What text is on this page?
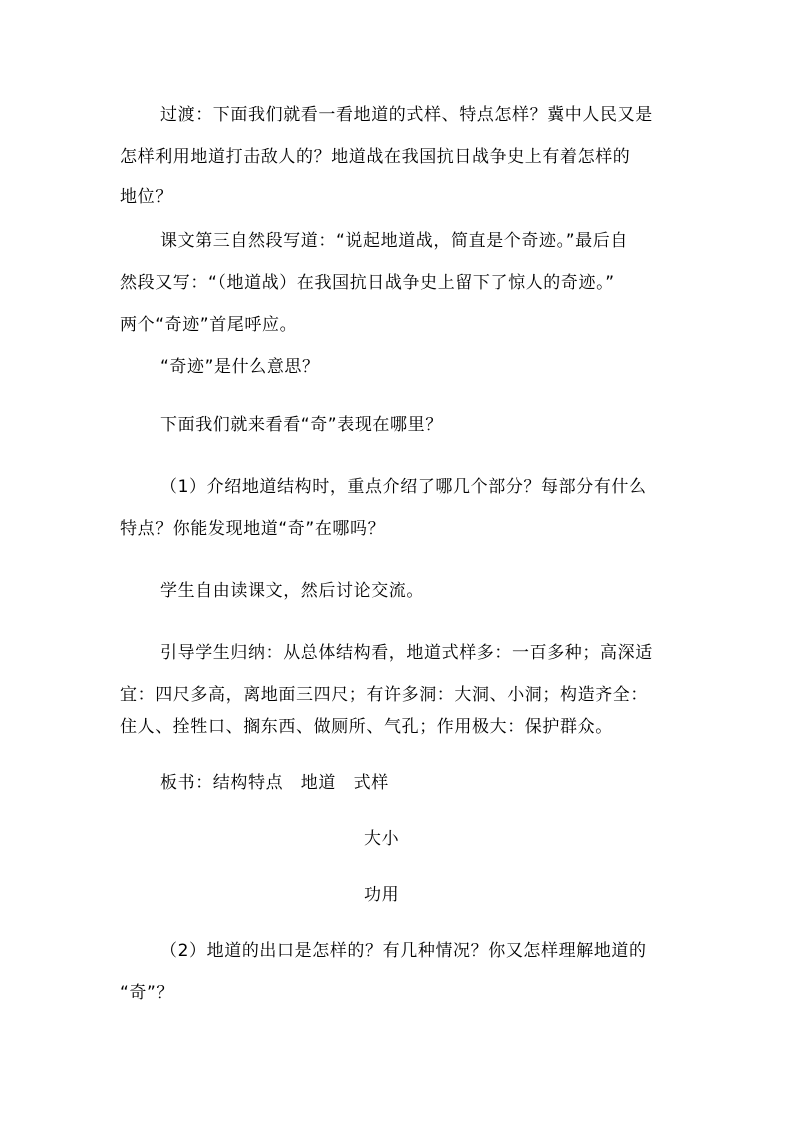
过渡：下面我们就看一看地道的式样、特点怎样？冀中人民又是
怎样利用地道打击敌人的？地道战在我国抗日战争史上有着怎样的
地位？
课文第三自然段写道：“说起地道战，简直是个奇迹。”最后自
然段又写：“（地道战）在我国抗日战争史上留下了惊人的奇迹。”
两个“奇迹”首尾呼应。
“奇迹”是什么意思？
下面我们就来看看“奇”表现在哪里？
（1）介绍地道结构时，重点介绍了哪几个部分？每部分有什么
特点？你能发现地道“奇”在哪吗？
学生自由读课文，然后讨论交流。
引导学生归纳：从总体结构看，地道式样多：一百多种；高深适
宜：四尺多高，离地面三四尺；有许多洞：大洞、小洞；构造齐全：
住人、拴牲口、搁东西、做厕所、气孔；作用极大：保护群众。
板书：结构特点　地道　式样
大小
功用
（2）地道的出口是怎样的？有几种情况？你又怎样理解地道的
“奇”？
